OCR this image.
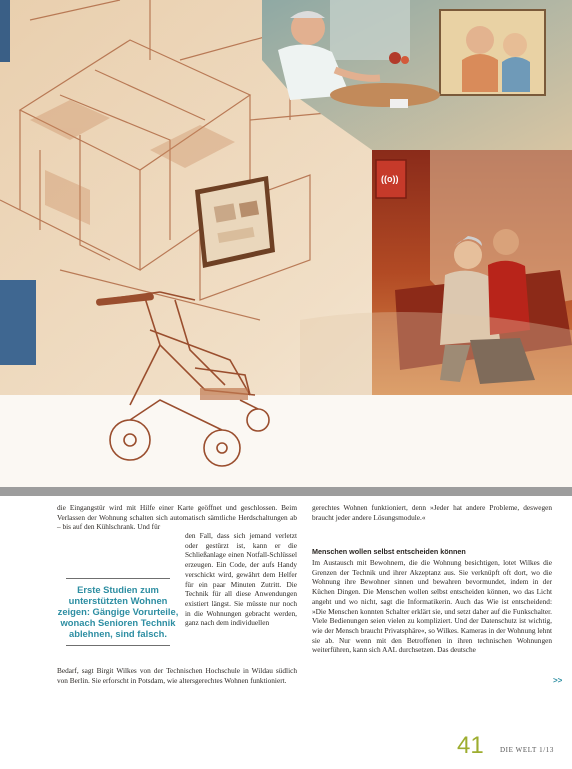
((o))

die Eingangstür wird mit Hilfe einer Karte geöffnet und geschlossen. Beim Verlassen der Wohnung schalten sich automatisch sämtliche Herdschaltungen ab – bis auf den Kühlschrank. Und für

den Fall, dass sich jemand verletzt oder gestürzt ist, kann er die Schließanlage einen Notfall-Schlüssel erzeugen. Ein Code, der aufs Handy verschickt wird, gewährt dem Helfer für ein paar Minuten Zutritt. Die Technik für all diese Anwendungen existiert längst. Sie müsste nur noch in die Wohnungen gebracht werden, ganz nach dem individuellen

Erste Studien zum unterstützten Wohnen zeigen: Gängige Vorurteile, wonach Senioren Technik ablehnen, sind falsch.

Bedarf, sagt Birgit Wilkes von der Technischen Hochschule in Wildau südlich von Berlin. Sie erforscht in Potsdam, wie altersgerechtes Wohnen funktioniert.

gerechtes Wohnen funktioniert, denn »Jeder hat andere Probleme, deswegen braucht jeder andere Lösungsmodule.«

Menschen wollen selbst entscheiden können

Im Austausch mit Bewohnern, die die Wohnung besichtigen, lotet Wilkes die Grenzen der Technik und ihrer Akzeptanz aus. Sie verknüpft oft dort, wo die Wohnung ihre Bewohner sinnen und bewahren bevormundet, indem in der Küchen Dingen. Die Menschen wollen selbst entscheiden können, wo das Licht angeht und wo nicht, sagt die Informatikerin. Auch das Wie ist entscheidend: »Die Menschen konnten Schalter erklärt sie, und setzt daher auf die Funkschalter. Viele Bedienungen seien vielen zu kompliziert. Und der Datenschutz ist wichtig, wie der Mensch braucht Privatsphäre«, so Wilkes. Kameras in der Wohnung lehnt sie ab. Nur wenn mit den Betroffenen in ihren technischen Wohnungen weiterführen, kann sich AAL durchsetzen. Das deutsche

>>
41 DIE WELT 1/13
